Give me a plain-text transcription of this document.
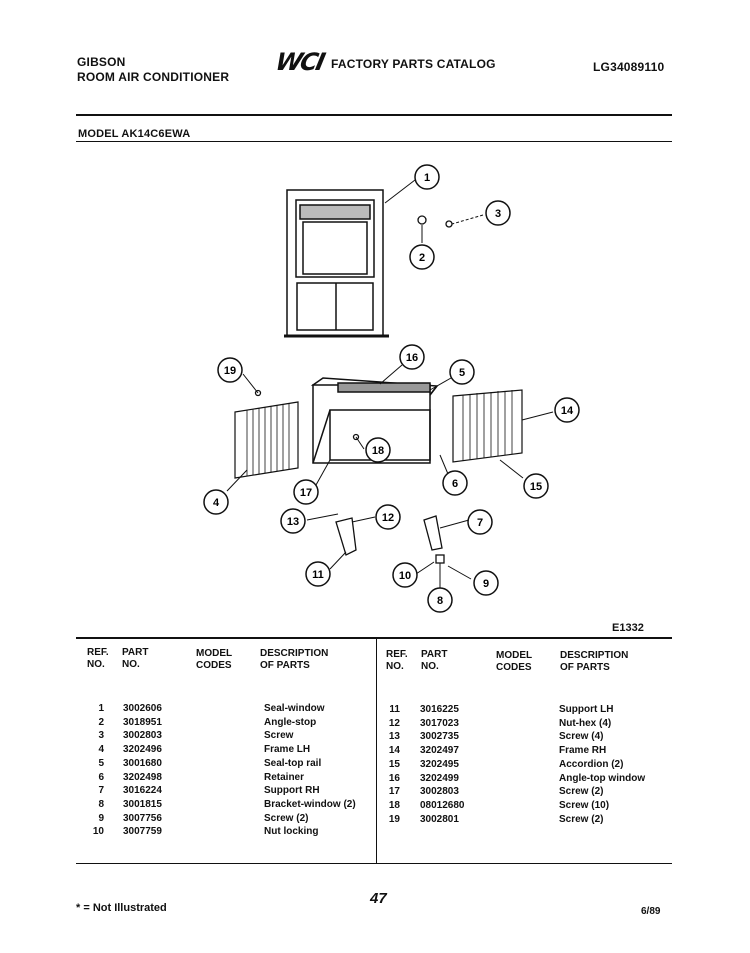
GIBSON
ROOM AIR CONDITIONER
WCI FACTORY PARTS CATALOG	LG34089110
MODEL AK14C6EWA
1
2
3
4
5
6
7
8
9
10
11
12
13
14
15
16
17
18
19
E1332
REF.
NO.
PART
NO.
MODEL
CODES
DESCRIPTION
OF PARTS
REF.
NO.
PART
NO.
MODEL
CODES
DESCRIPTION
OF PARTS
1
2
3
4
5
6
7
8
9
10
3002606
3018951
3002803
3202496
3001680
3202498
3016224
3001815
3007756
3007759
Seal-window
Angle-stop
Screw
Frame LH
Seal-top rail
Retainer
Support RH
Bracket-window (2)
Screw (2)
Nut locking
11
12
13
14
15
16
17
18
19
3016225
3017023
3002735
3202497
3202495
3202499
3002803
08012680
3002801
Support LH
Nut-hex (4)
Screw (4)
Frame RH
Accordion (2)
Angle-top window
Screw (2)
Screw (10)
Screw (2)
* = Not Illustrated
47
6/89
